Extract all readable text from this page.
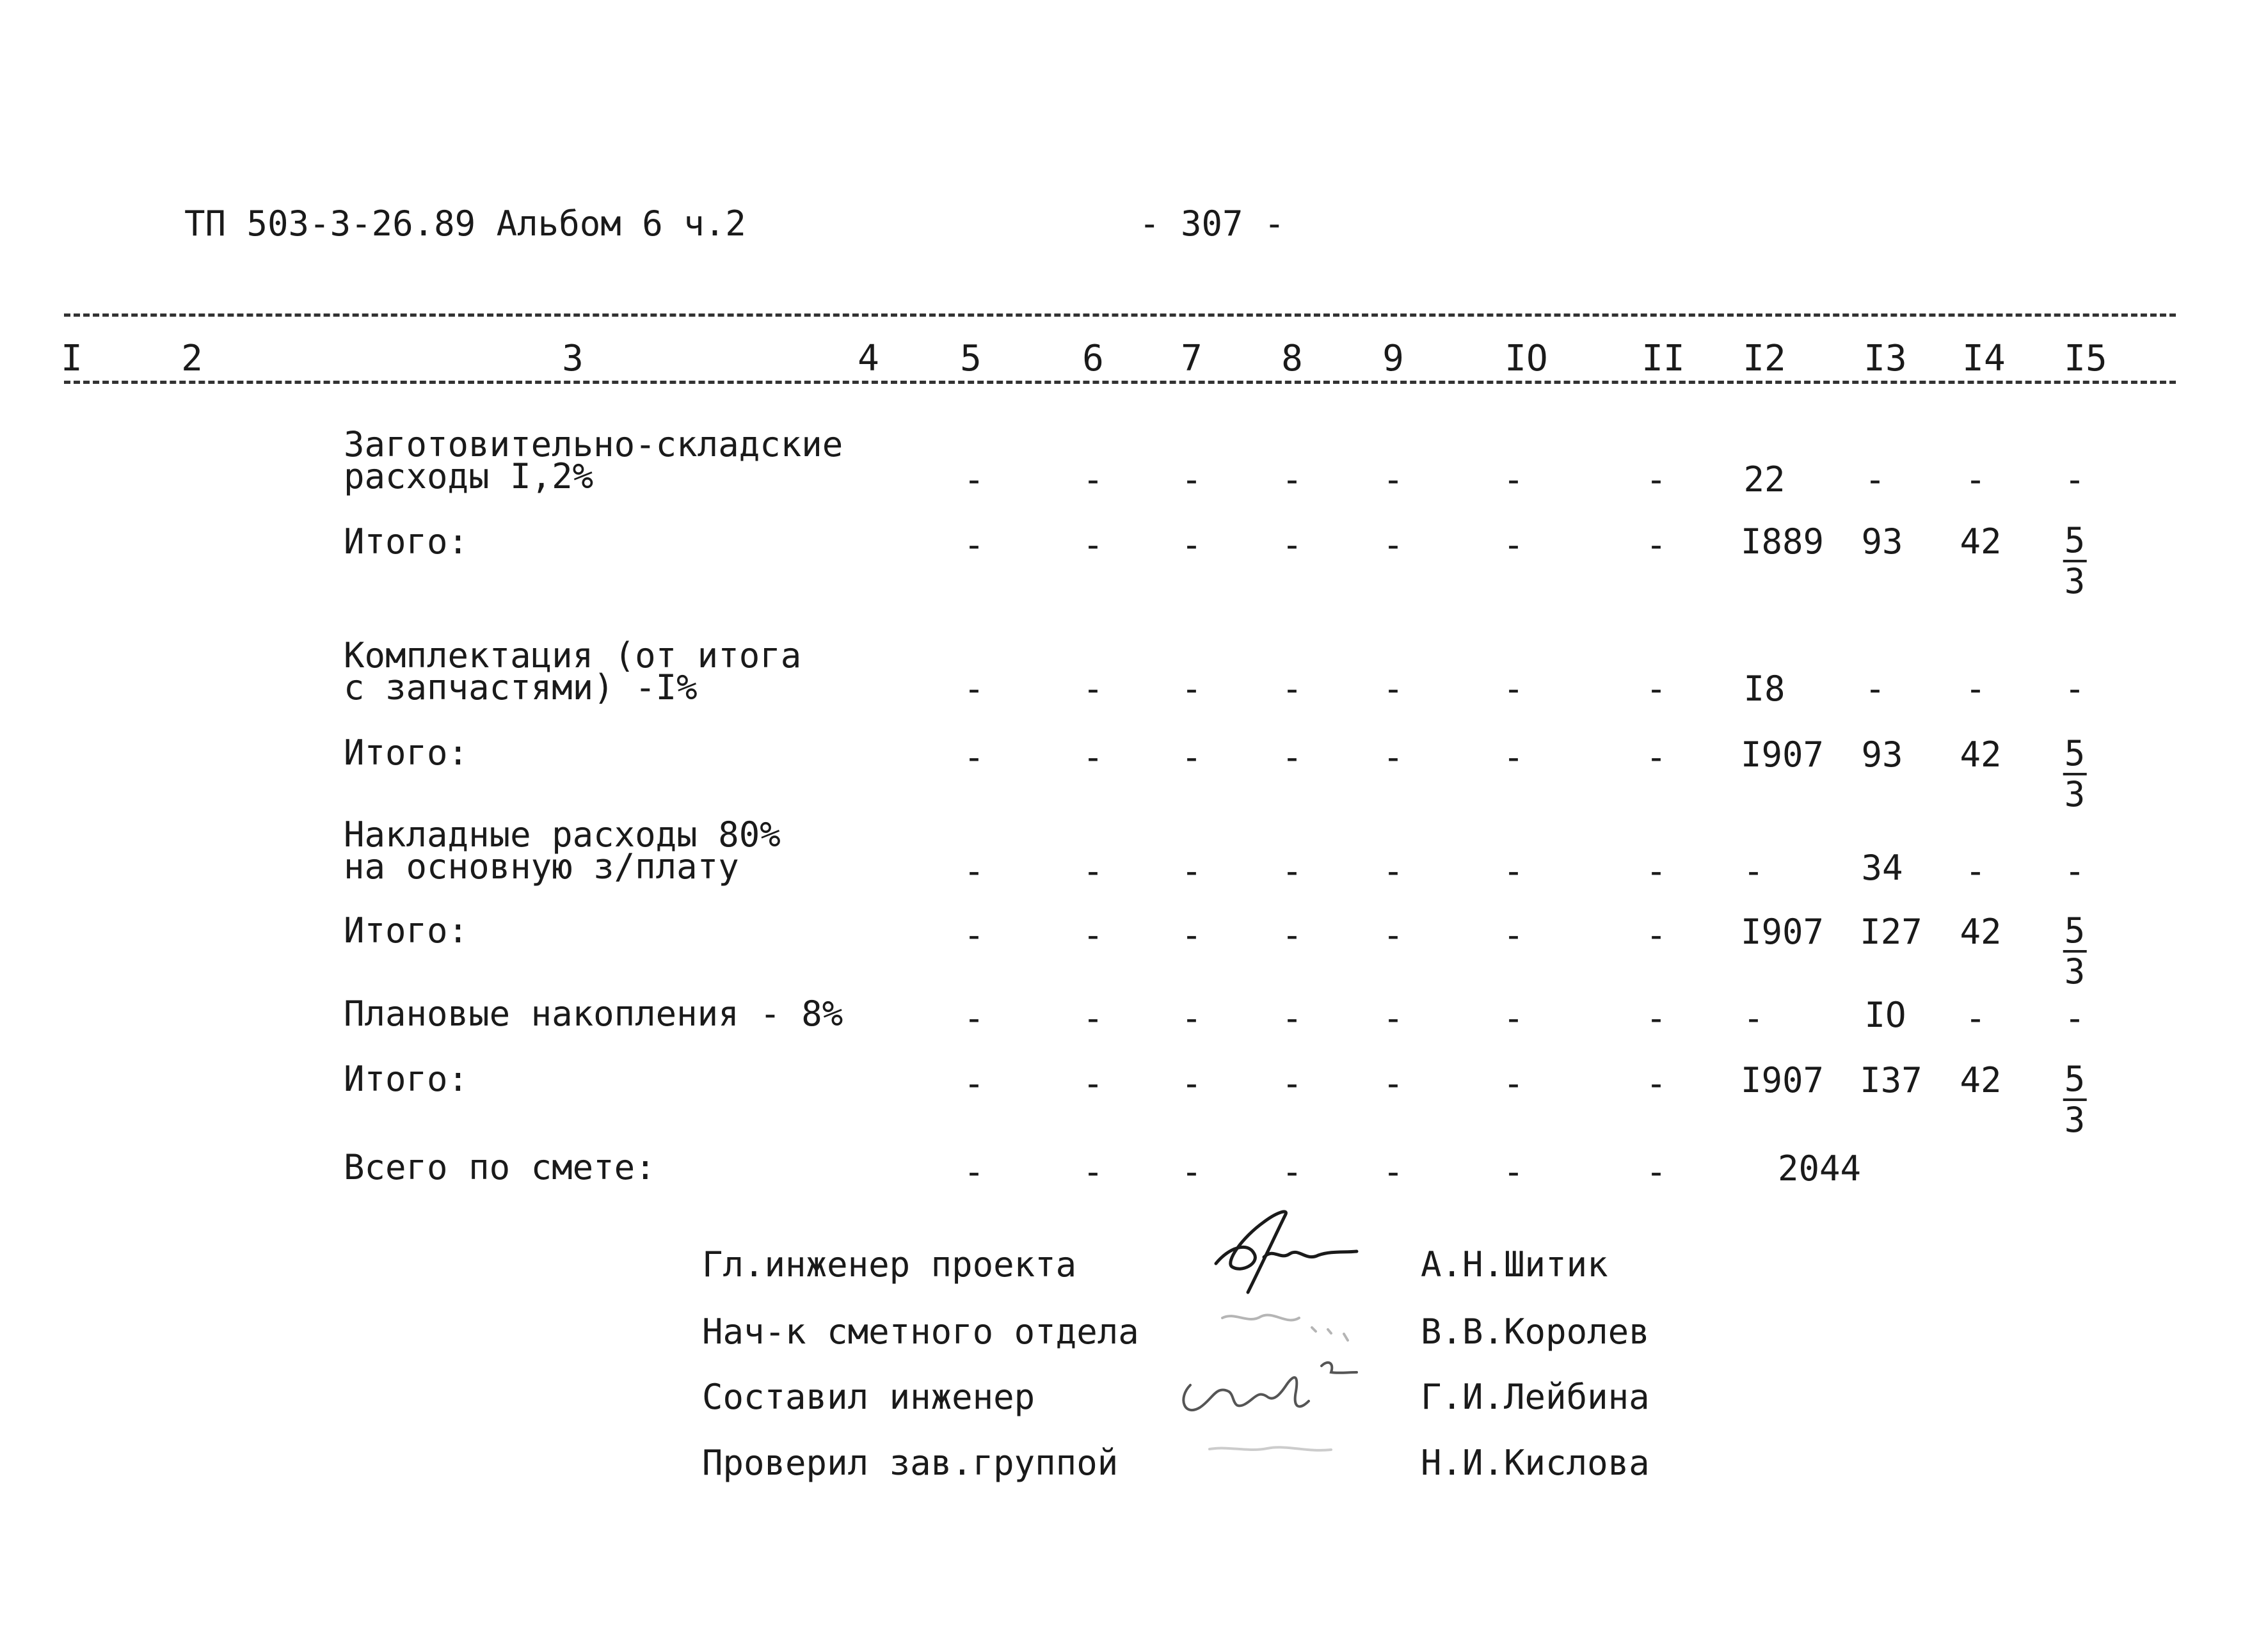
ТП 503-3-26.89 Альбом 6 ч.2	- 307 -
I	2	3	4 5	6 7 8 9	IO	II I2 I3 I4 I5
Заготовительно-складские
расходы I,2%	-	- - - -	-	- 22 - - -
Итого:	-	- - - -	-	- I889 93 $42 \frac{5}{3}$
Комплектация (от итога
с запчастями) -I%	-	- - - -	-	- I8 - - -
Итого:	-	- - - -	-	- I907 93 $42 \frac{5}{3}$
Накладные расходы 80%
на основную з/плату	-	- - - -	-	- -	34 - -
Итого:	-	- - - -	-	- I907 I27 $42 \frac{5}{3}$
Плановые накопления - 8%	-	- - - -	-	- -	IO - -
Итого:	-	- - - -	-	- I907 I37 $42 \frac{5}{3}$
Всего по смете:	-	- - - -	-	-	2044
Гл.инженер проекта
Нач-к сметного отдела
Составил инженер
Проверил зав.группой
А.Н.Шитик
В.В.Королев
Г.И.Лейбина
Н.И.Кислова
